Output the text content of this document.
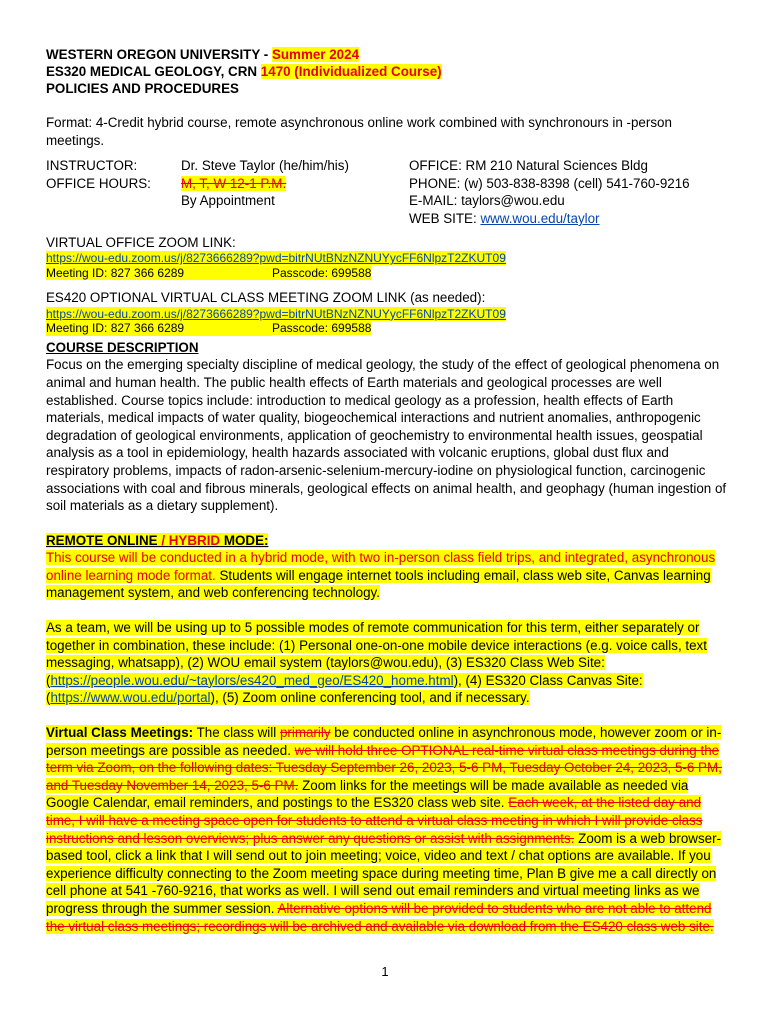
WESTERN OREGON UNIVERSITY - Summer 2024
ES320 MEDICAL GEOLOGY, CRN 1470 (Individualized Course)
POLICIES AND PROCEDURES

Format: 4-Credit hybrid course, remote asynchronous online work combined with synchronours in -person meetings.

INSTRUCTOR:
OFFICE HOURS:
Dr. Steve Taylor (he/him/his)
M, T, W 12-1 P.M.
By Appointment
OFFICE: RM 210 Natural Sciences Bldg
PHONE: (w) 503-838-8398 (cell) 541-760-9216
E-MAIL: taylors@wou.edu
WEB SITE: www.wou.edu/taylor

VIRTUAL OFFICE ZOOM LINK:

https://wou-edu.zoom.us/j/8273666289?pwd=bitrNUtBNzNZNUYycFF6NlpzT2ZKUT09
Meeting ID: 827 366 6289	Passcode: 699588

ES420 OPTIONAL VIRTUAL CLASS MEETING ZOOM LINK (as needed):

https://wou-edu.zoom.us/j/8273666289?pwd=bitrNUtBNzNZNUYycFF6NlpzT2ZKUT09
Meeting ID: 827 366 6289	Passcode: 699588

COURSE DESCRIPTION

Focus on the emerging specialty discipline of medical geology, the study of the effect of geological phenomena on animal and human health. The public health effects of Earth materials and geological processes are well established. Course topics include: introduction to medical geology as a profession, health effects of Earth materials, medical impacts of water quality, biogeochemical interactions and nutrient anomalies, anthropogenic degradation of geological environments, application of geochemistry to environmental health issues, geospatial analysis as a tool in epidemiology, health hazards associated with volcanic eruptions, global dust flux and respiratory problems, impacts of radon-arsenic-selenium-mercury-iodine on physiological function, carcinogenic associations with coal and fibrous minerals, geological effects on animal health, and geophagy (human ingestion of soil materials as a dietary supplement).

REMOTE ONLINE / HYBRID MODE:

This course will be conducted in a hybrid mode, with two in-person class field trips, and integrated, asynchronous online learning mode format. Students will engage internet tools including email, class web site, Canvas learning management system, and web conferencing technology.

As a team, we will be using up to 5 possible modes of remote communication for this term, either separately or together in combination, these include: (1) Personal one-on-one mobile device interactions (e.g. voice calls, text messaging, whatsapp), (2) WOU email system (taylors@wou.edu), (3) ES320 Class Web Site: (https://people.wou.edu/~taylors/es420_med_geo/ES420_home.html), (4) ES320 Class Canvas Site: (https://www.wou.edu/portal), (5) Zoom online conferencing tool, and if necessary.

Virtual Class Meetings: The class will primarily be conducted online in asynchronous mode, however zoom or in-person meetings are possible as needed. we will hold three OPTIONAL real-time virtual class meetings during the term via Zoom, on the following dates: Tuesday September 26, 2023, 5-6 PM, Tuesday October 24, 2023, 5-6 PM, and Tuesday November 14, 2023, 5-6 PM. Zoom links for the meetings will be made available as needed via Google Calendar, email reminders, and postings to the ES320 class web site. Each week, at the listed day and time, I will have a meeting space open for students to attend a virtual class meeting in which I will provide class instructions and lesson overviews; plus answer any questions or assist with assignments. Zoom is a web browser-based tool, click a link that I will send out to join meeting; voice, video and text / chat options are available. If you experience difficulty connecting to the Zoom meeting space during meeting time, Plan B give me a call directly on cell phone at 541 -760-9216, that works as well. I will send out email reminders and virtual meeting links as we progress through the summer session. Alternative options will be provided to students who are not able to attend the virtual class meetings; recordings will be archived and available via download from the ES420 class web site.

1
